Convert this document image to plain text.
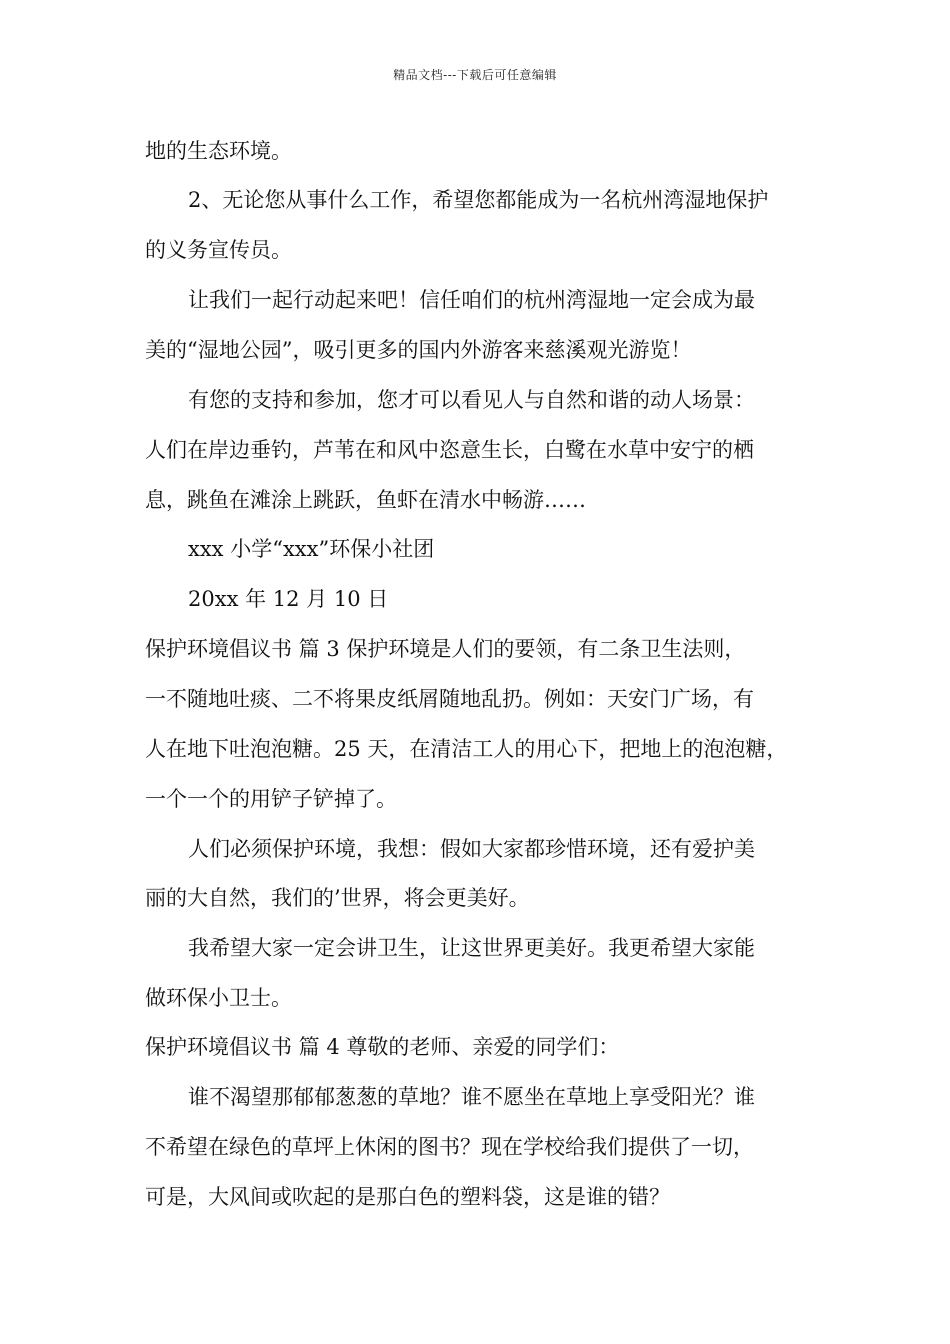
精品文档---下载后可任意编辑
地的生态环境。
2、无论您从事什么工作，希望您都能成为一名杭州湾湿地保护
的义务宣传员。
让我们一起行动起来吧！信任咱们的杭州湾湿地一定会成为最
美的“湿地公园”，吸引更多的国内外游客来慈溪观光游览！
有您的支持和参加，您才可以看见人与自然和谐的动人场景：
人们在岸边垂钓，芦苇在和风中恣意生长，白鹭在水草中安宁的栖
息，跳鱼在滩涂上跳跃，鱼虾在清水中畅游……
xxx 小学“xxx”环保小社团
20xx 年 12 月 10 日
保护环境倡议书 篇 3 保护环境是人们的要领，有二条卫生法则，
一不随地吐痰、二不将果皮纸屑随地乱扔。例如：天安门广场，有
人在地下吐泡泡糖。25 天，在清洁工人的用心下，把地上的泡泡糖，
一个一个的用铲子铲掉了。
人们必须保护环境，我想：假如大家都珍惜环境，还有爱护美
丽的大自然，我们的’世界，将会更美好。
我希望大家一定会讲卫生，让这世界更美好。我更希望大家能
做环保小卫士。
保护环境倡议书 篇 4 尊敬的老师、亲爱的同学们：
谁不渴望那郁郁葱葱的草地？谁不愿坐在草地上享受阳光？谁
不希望在绿色的草坪上休闲的图书？现在学校给我们提供了一切，
可是，大风间或吹起的是那白色的塑料袋，这是谁的错？
